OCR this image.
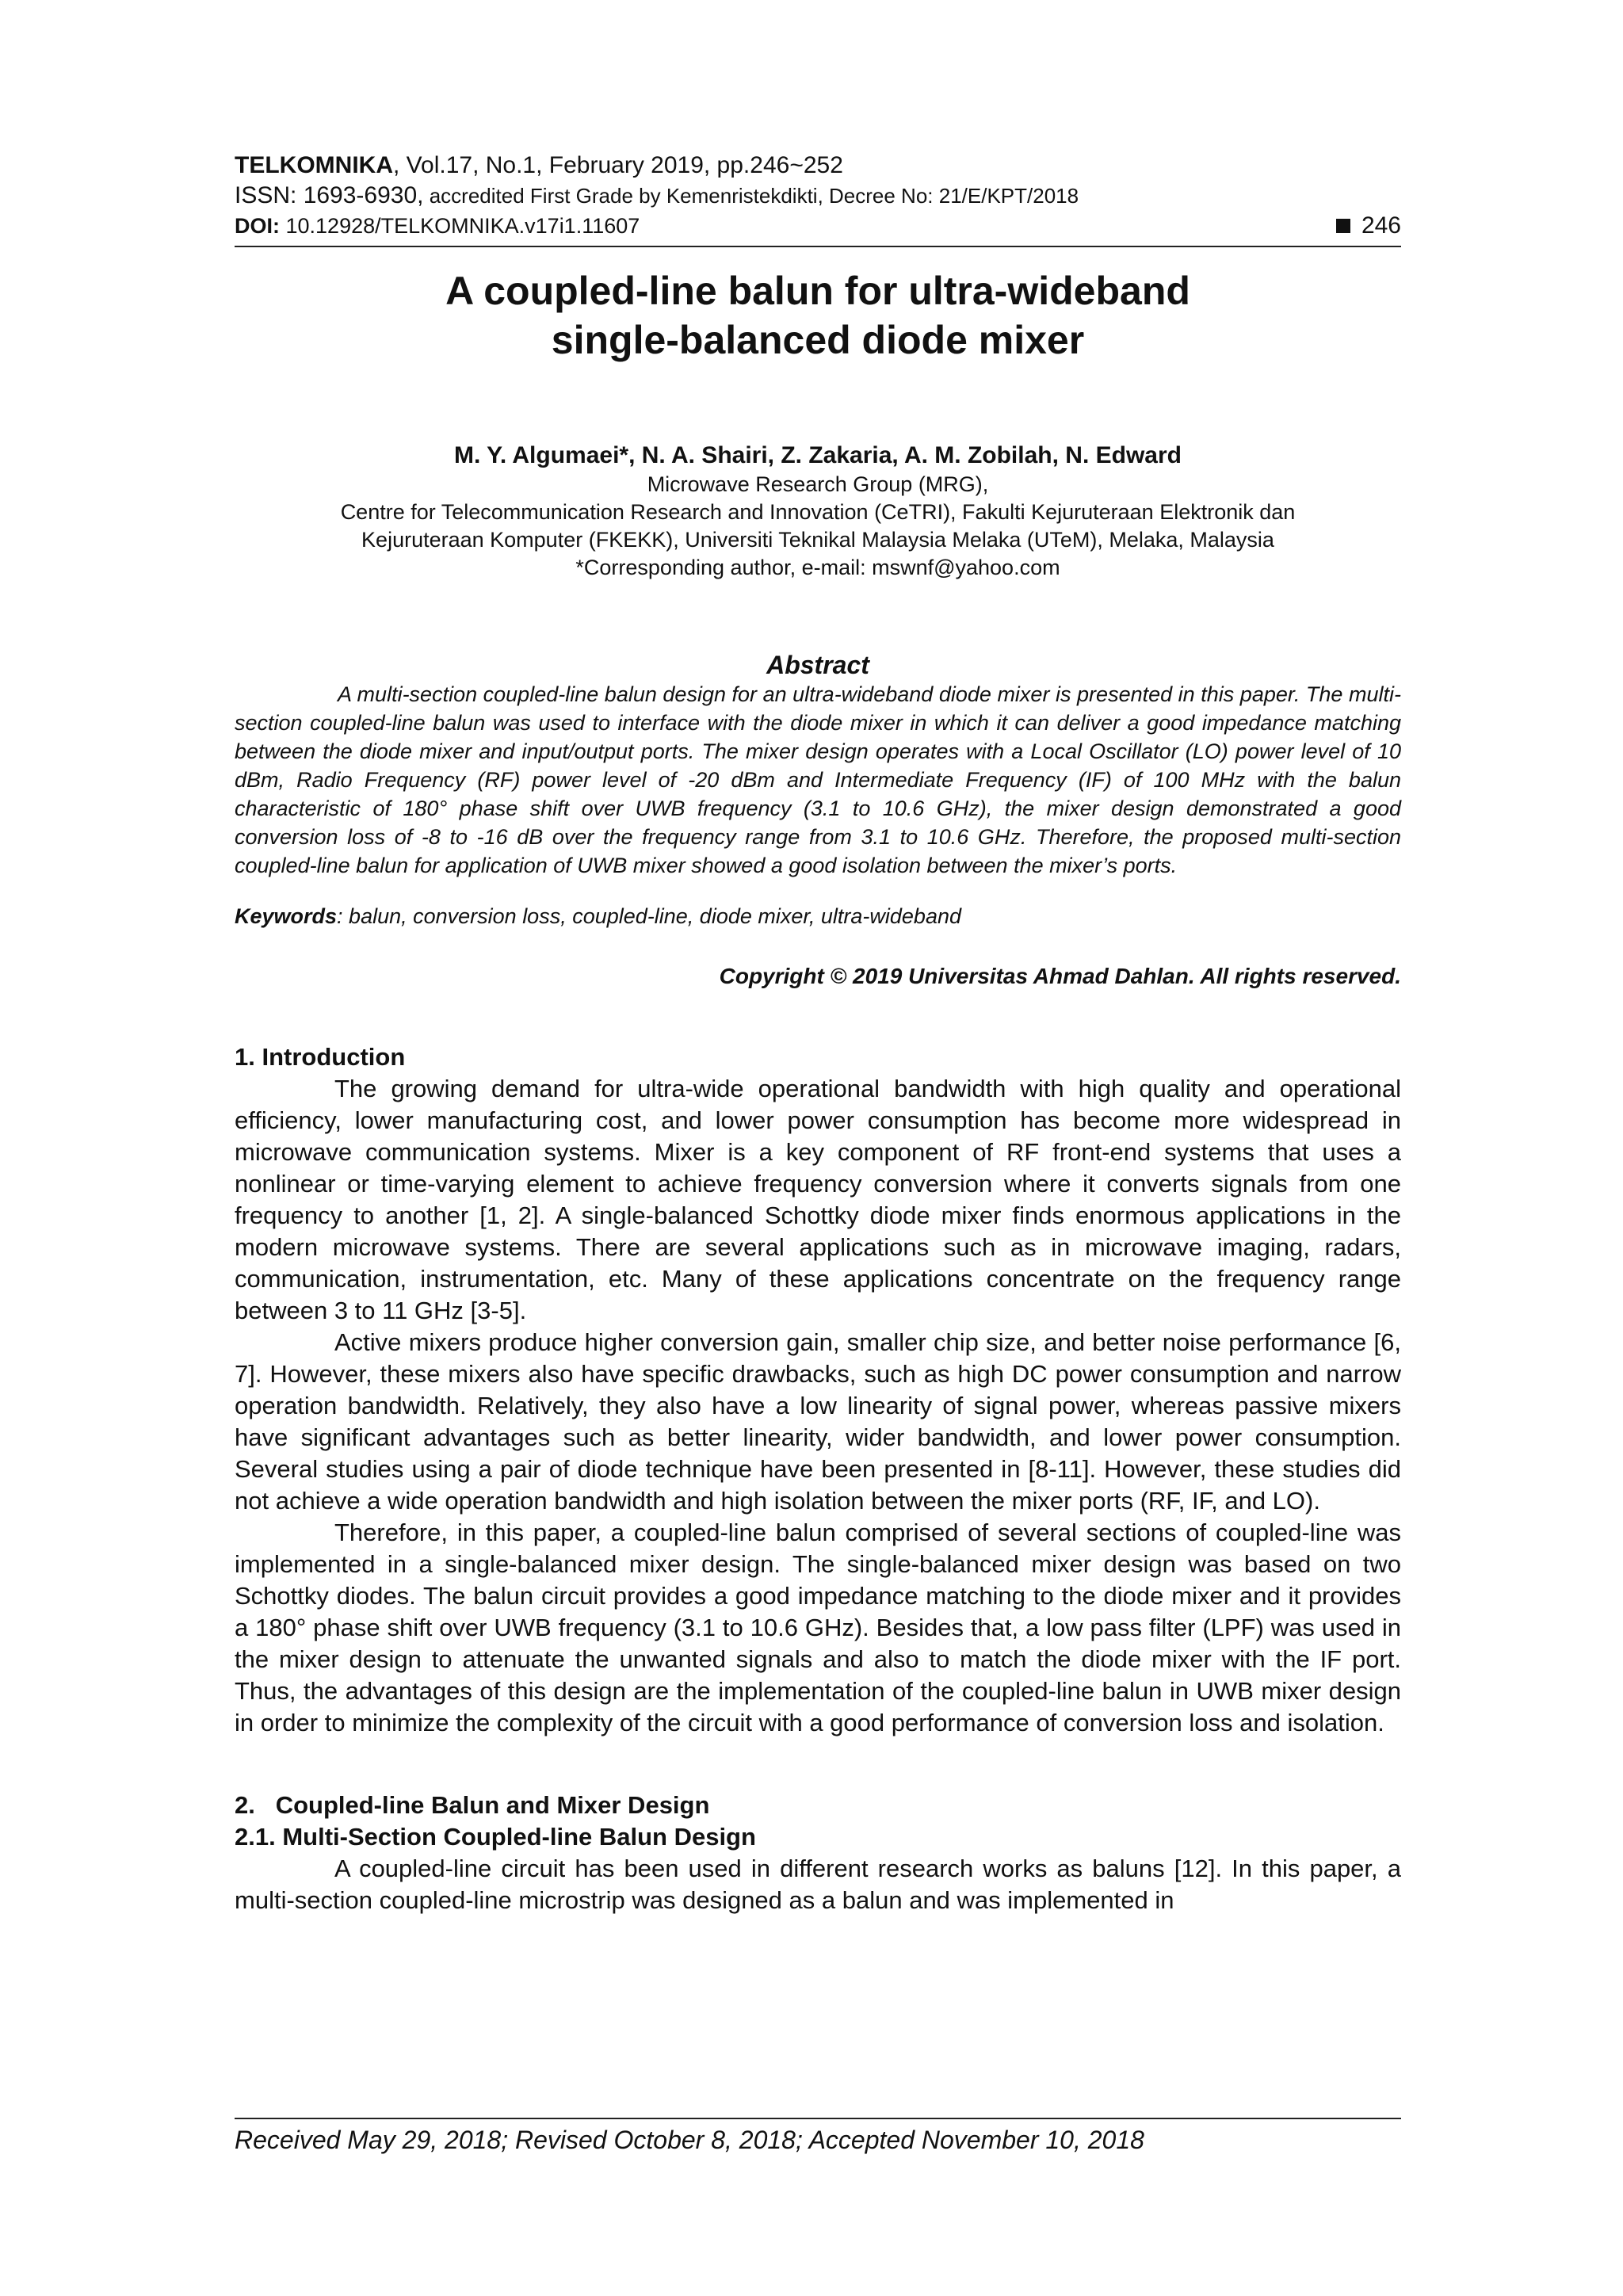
TELKOMNIKA, Vol.17, No.1, February 2019, pp.246~252
ISSN: 1693-6930, accredited First Grade by Kemenristekdikti, Decree No: 21/E/KPT/2018
DOI: 10.12928/TELKOMNIKA.v17i1.11607	246
A coupled-line balun for ultra-wideband
single-balanced diode mixer
M. Y. Algumaei*, N. A. Shairi, Z. Zakaria, A. M. Zobilah, N. Edward
Microwave Research Group (MRG),
Centre for Telecommunication Research and Innovation (CeTRI), Fakulti Kejuruteraan Elektronik dan
Kejuruteraan Komputer (FKEKK), Universiti Teknikal Malaysia Melaka (UTeM), Melaka, Malaysia
*Corresponding author, e-mail: mswnf@yahoo.com
Abstract

A multi-section coupled-line balun design for an ultra-wideband diode mixer is presented in this paper. The multi-section coupled-line balun was used to interface with the diode mixer in which it can deliver a good impedance matching between the diode mixer and input/output ports. The mixer design operates with a Local Oscillator (LO) power level of 10 dBm, Radio Frequency (RF) power level of -20 dBm and Intermediate Frequency (IF) of 100 MHz with the balun characteristic of 180° phase shift over UWB frequency (3.1 to 10.6 GHz), the mixer design demonstrated a good conversion loss of -8 to -16 dB over the frequency range from 3.1 to 10.6 GHz. Therefore, the proposed multi-section coupled-line balun for application of UWB mixer showed a good isolation between the mixer’s ports.

Keywords: balun, conversion loss, coupled-line, diode mixer, ultra-wideband
Copyright © 2019 Universitas Ahmad Dahlan. All rights reserved.
1. Introduction

The growing demand for ultra-wide operational bandwidth with high quality and operational efficiency, lower manufacturing cost, and lower power consumption has become more widespread in microwave communication systems. Mixer is a key component of RF front-end systems that uses a nonlinear or time-varying element to achieve frequency conversion where it converts signals from one frequency to another [1, 2]. A single-balanced Schottky diode mixer finds enormous applications in the modern microwave systems. There are several applications such as in microwave imaging, radars, communication, instrumentation, etc. Many of these applications concentrate on the frequency range between 3 to 11 GHz [3-5].

Active mixers produce higher conversion gain, smaller chip size, and better noise performance [6, 7]. However, these mixers also have specific drawbacks, such as high DC power consumption and narrow operation bandwidth. Relatively, they also have a low linearity of signal power, whereas passive mixers have significant advantages such as better linearity, wider bandwidth, and lower power consumption. Several studies using a pair of diode technique have been presented in [8-11]. However, these studies did not achieve a wide operation bandwidth and high isolation between the mixer ports (RF, IF, and LO).

Therefore, in this paper, a coupled-line balun comprised of several sections of coupled-line was implemented in a single-balanced mixer design. The single-balanced mixer design was based on two Schottky diodes. The balun circuit provides a good impedance matching to the diode mixer and it provides a 180° phase shift over UWB frequency (3.1 to 10.6 GHz). Besides that, a low pass filter (LPF) was used in the mixer design to attenuate the unwanted signals and also to match the diode mixer with the IF port. Thus, the advantages of this design are the implementation of the coupled-line balun in UWB mixer design in order to minimize the complexity of the circuit with a good performance of conversion loss and isolation.

2.   Coupled-line Balun and Mixer Design
2.1. Multi-Section Coupled-line Balun Design

A coupled-line circuit has been used in different research works as baluns [12]. In this paper, a multi-section coupled-line microstrip was designed as a balun and was implemented in

Received May 29, 2018; Revised October 8, 2018; Accepted November 10, 2018
